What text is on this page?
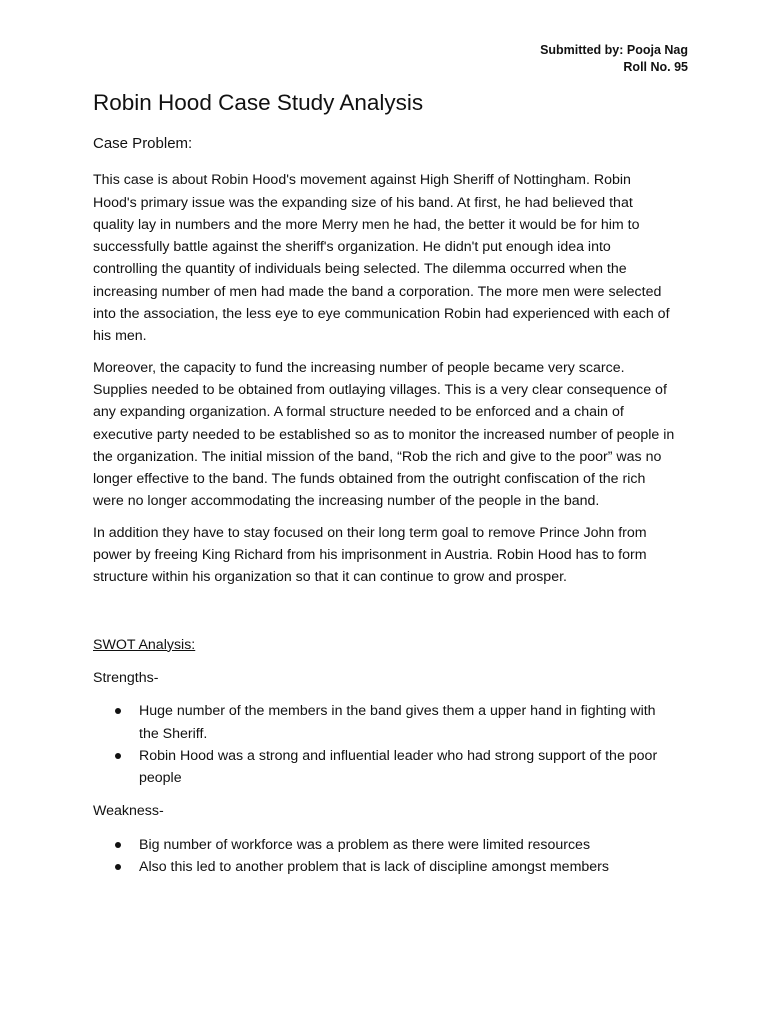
Submitted by: Pooja Nag
Roll No. 95
Robin Hood Case Study Analysis

Case Problem:

This case is about Robin Hood's movement against High Sheriff of Nottingham. Robin Hood's primary issue was the expanding size of his band. At first, he had believed that quality lay in numbers and the more Merry men he had, the better it would be for him to successfully battle against the sheriff's organization. He didn't put enough idea into controlling the quantity of individuals being selected. The dilemma occurred when the increasing number of men had made the band a corporation. The more men were selected into the association, the less eye to eye communication Robin had experienced with each of his men.

Moreover, the capacity to fund the increasing number of people became very scarce. Supplies needed to be obtained from outlaying villages. This is a very clear consequence of any expanding organization. A formal structure needed to be enforced and a chain of executive party needed to be established so as to monitor the increased number of people in the organization. The initial mission of the band, “Rob the rich and give to the poor” was no longer effective to the band. The funds obtained from the outright confiscation of the rich were no longer accommodating the increasing number of the people in the band.

In addition they have to stay focused on their long term goal to remove Prince John from power by freeing King Richard from his imprisonment in Austria. Robin Hood has to form structure within his organization so that it can continue to grow and prosper.

SWOT Analysis:

Strengths-

Huge number of the members in the band gives them a upper hand in fighting with the Sheriff.
Robin Hood was a strong and influential leader who had strong support of the poor people

Weakness-

Big number of workforce was a problem as there were limited resources
Also this led to another problem that is lack of discipline amongst members
